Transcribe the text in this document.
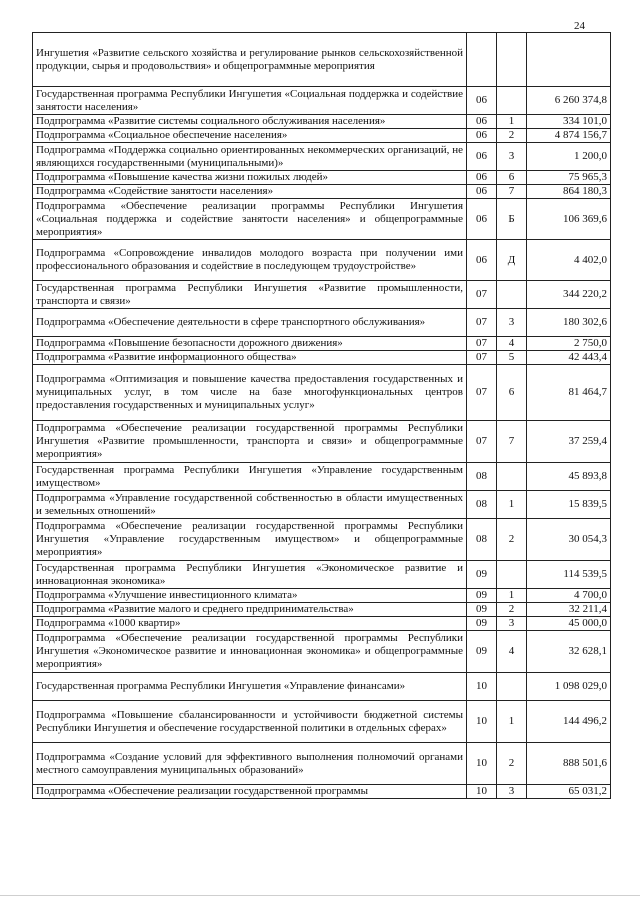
24
Ингушетия «Развитие сельского хозяйства и регулирование рынков сельскохозяйственной продукции, сырья и продовольствия» и общепрограммные мероприятия			
Государственная программа Республики Ингушетия «Социальная поддержка и содействие занятости населения»	06		6 260 374,8
Подпрограмма «Развитие системы социального обслуживания населения»	06	1	334 101,0
Подпрограмма «Социальное обеспечение населения»	06	2	4 874 156,7
Подпрограмма «Поддержка социально ориентированных некоммерческих организаций, не являющихся государственными (муниципальными)»	06	3	1 200,0
Подпрограмма «Повышение качества жизни пожилых людей»	06	6	75 965,3
Подпрограмма «Содействие занятости населения»	06	7	864 180,3
Подпрограмма «Обеспечение реализации программы Республики Ингушетия «Социальная поддержка и содействие занятости населения» и общепрограммные мероприятия»	06	Б	106 369,6
Подпрограмма «Сопровождение инвалидов молодого возраста при получении ими профессионального образования и содействие в последующем трудоустройстве»	06	Д	4 402,0
Государственная программа Республики Ингушетия «Развитие промышленности, транспорта и связи»	07		344 220,2
Подпрограмма «Обеспечение деятельности в сфере транспортного обслуживания»	07	3	180 302,6
Подпрограмма «Повышение безопасности дорожного движения»	07	4	2 750,0
Подпрограмма «Развитие информационного общества»	07	5	42 443,4
Подпрограмма «Оптимизация и повышение качества предоставления государственных и муниципальных услуг, в том числе на базе многофункциональных центров предоставления государственных и муниципальных услуг»	07	6	81 464,7
Подпрограмма «Обеспечение реализации государственной программы Республики Ингушетия «Развитие промышленности, транспорта и связи» и общепрограммные мероприятия»	07	7	37 259,4
Государственная программа Республики Ингушетия «Управление государственным имуществом»	08		45 893,8
Подпрограмма «Управление государственной собственностью в области имущественных и земельных отношений»	08	1	15 839,5
Подпрограмма «Обеспечение реализации государственной программы Республики Ингушетия «Управление государственным имуществом» и общепрограммные мероприятия»	08	2	30 054,3
Государственная программа Республики Ингушетия «Экономическое развитие и инновационная экономика»	09		114 539,5
Подпрограмма «Улучшение инвестиционного климата»	09	1	4 700,0
Подпрограмма «Развитие малого и среднего предпринимательства»	09	2	32 211,4
Подпрограмма «1000 квартир»	09	3	45 000,0
Подпрограмма «Обеспечение реализации государственной программы Республики Ингушетия «Экономическое развитие и инновационная экономика» и общепрограммные мероприятия»	09	4	32 628,1
Государственная программа Республики Ингушетия «Управление финансами»	10		1 098 029,0
Подпрограмма «Повышение сбалансированности и устойчивости бюджетной системы Республики Ингушетия и обеспечение государственной политики в отдельных сферах»	10	1	144 496,2
Подпрограмма «Создание условий для эффективного выполнения полномочий органами местного самоуправления муниципальных образований»	10	2	888 501,6
Подпрограмма «Обеспечение реализации государственной программы	10	3	65 031,2
